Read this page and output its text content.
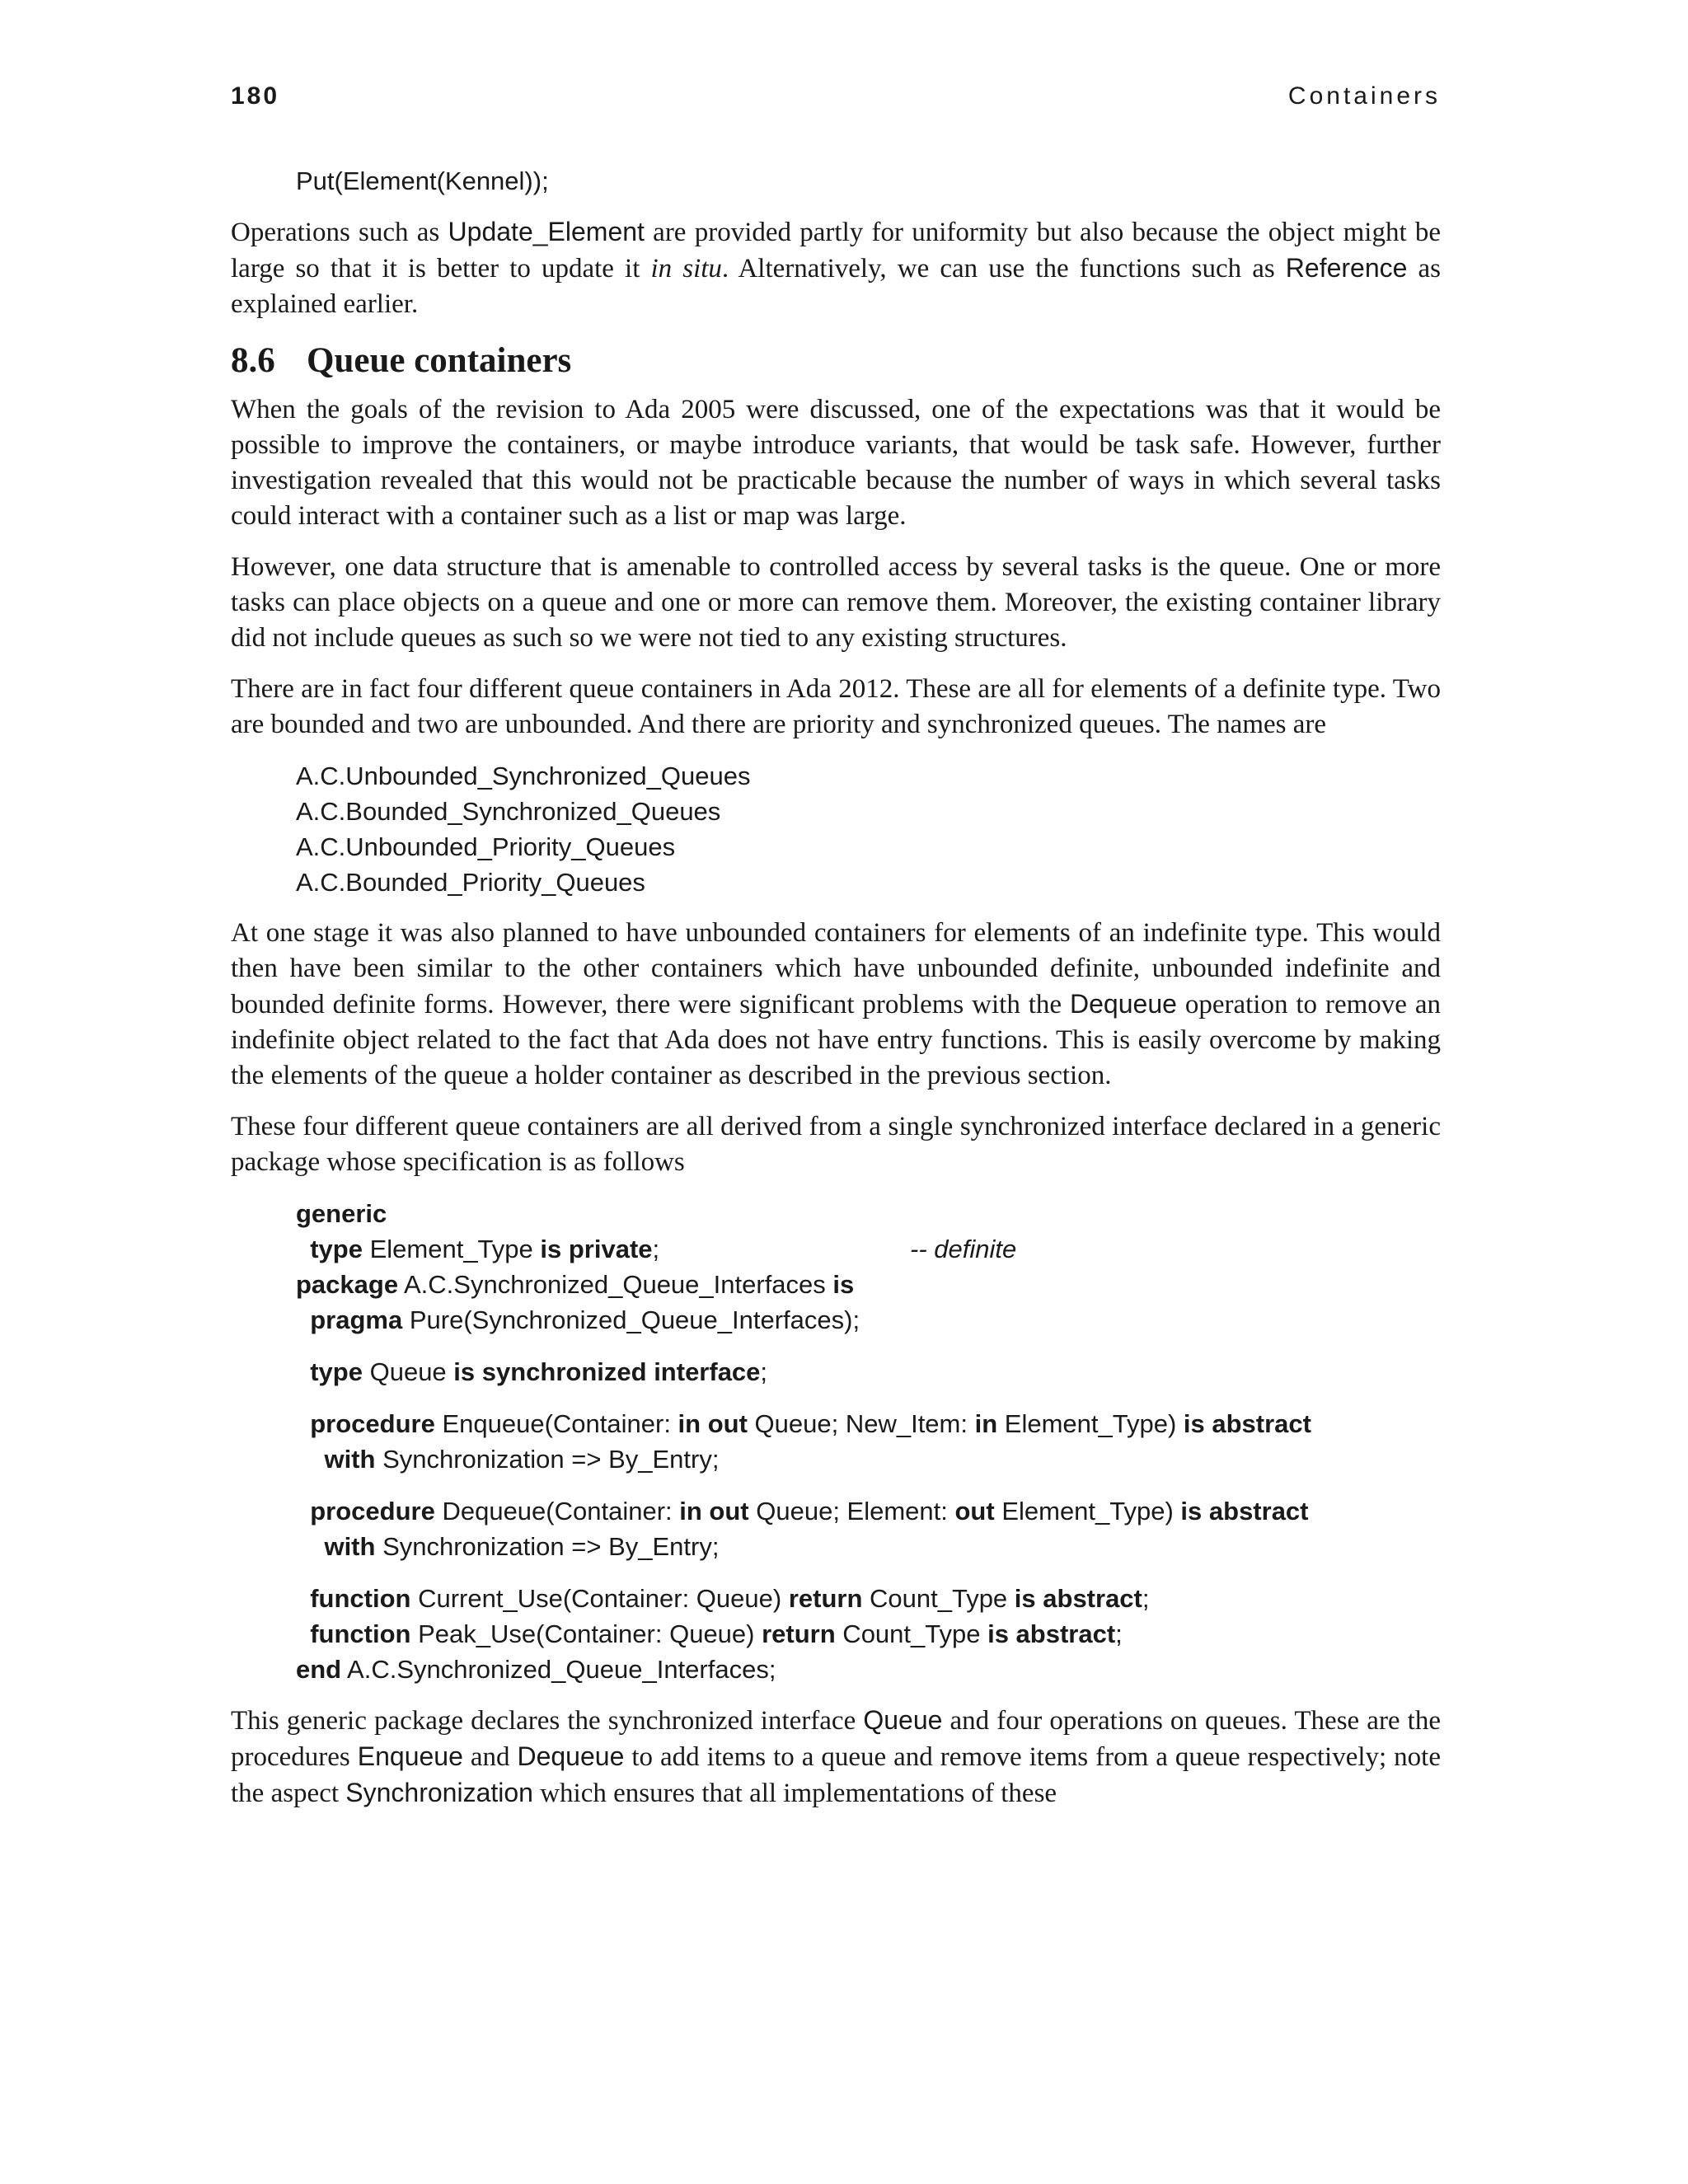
180	Containers
Put(Element(Kennel));

Operations such as Update_Element are provided partly for uniformity but also because the object might be large so that it is better to update it in situ. Alternatively, we can use the functions such as Reference as explained earlier.

8.6 Queue containers

When the goals of the revision to Ada 2005 were discussed, one of the expectations was that it would be possible to improve the containers, or maybe introduce variants, that would be task safe. However, further investigation revealed that this would not be practicable because the number of ways in which several tasks could interact with a container such as a list or map was large.

However, one data structure that is amenable to controlled access by several tasks is the queue. One or more tasks can place objects on a queue and one or more can remove them. Moreover, the existing container library did not include queues as such so we were not tied to any existing structures.

There are in fact four different queue containers in Ada 2012. These are all for elements of a definite type. Two are bounded and two are unbounded. And there are priority and synchronized queues. The names are

A.C.Unbounded_Synchronized_Queues
A.C.Bounded_Synchronized_Queues
A.C.Unbounded_Priority_Queues
A.C.Bounded_Priority_Queues

At one stage it was also planned to have unbounded containers for elements of an indefinite type. This would then have been similar to the other containers which have unbounded definite, unbounded indefinite and bounded definite forms. However, there were significant problems with the Dequeue operation to remove an indefinite object related to the fact that Ada does not have entry functions. This is easily overcome by making the elements of the queue a holder container as described in the previous section.

These four different queue containers are all derived from a single synchronized interface declared in a generic package whose specification is as follows

generic
type Element_Type is private;	-- definite
package A.C.Synchronized_Queue_Interfaces is
pragma Pure(Synchronized_Queue_Interfaces);
type Queue is synchronized interface;
procedure Enqueue(Container: in out Queue; New_Item: in Element_Type) is abstract
with Synchronization => By_Entry;
procedure Dequeue(Container: in out Queue; Element: out Element_Type) is abstract
with Synchronization => By_Entry;
function Current_Use(Container: Queue) return Count_Type is abstract;
function Peak_Use(Container: Queue) return Count_Type is abstract;
end A.C.Synchronized_Queue_Interfaces;

This generic package declares the synchronized interface Queue and four operations on queues. These are the procedures Enqueue and Dequeue to add items to a queue and remove items from a queue respectively; note the aspect Synchronization which ensures that all implementations of these
